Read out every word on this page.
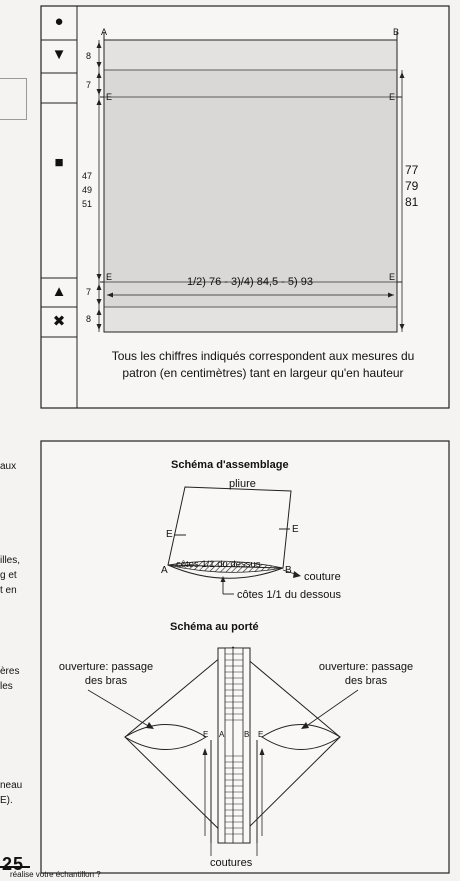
aux
illes,
g et
t en
ères
les
neau
E).
●
▼
■
▲
✖
A	B
E	E
E	E
8
7
47
49
51
7
8
77
79
81
1/2) 76 - 3)/4) 84,5 - 5) 93
Tous les chiffres indiqués correspondent aux mesures du
patron (en centimètres) tant en largeur qu'en hauteur
Schéma d'assemblage
pliure
E	E
A	B
côtes 1/1 du dessus
couture
côtes 1/1 du dessous
Schéma au porté
ouverture: passage
des bras
ouverture: passage
des bras
E A B E
coutures
25
réalise votre échantillon ?
